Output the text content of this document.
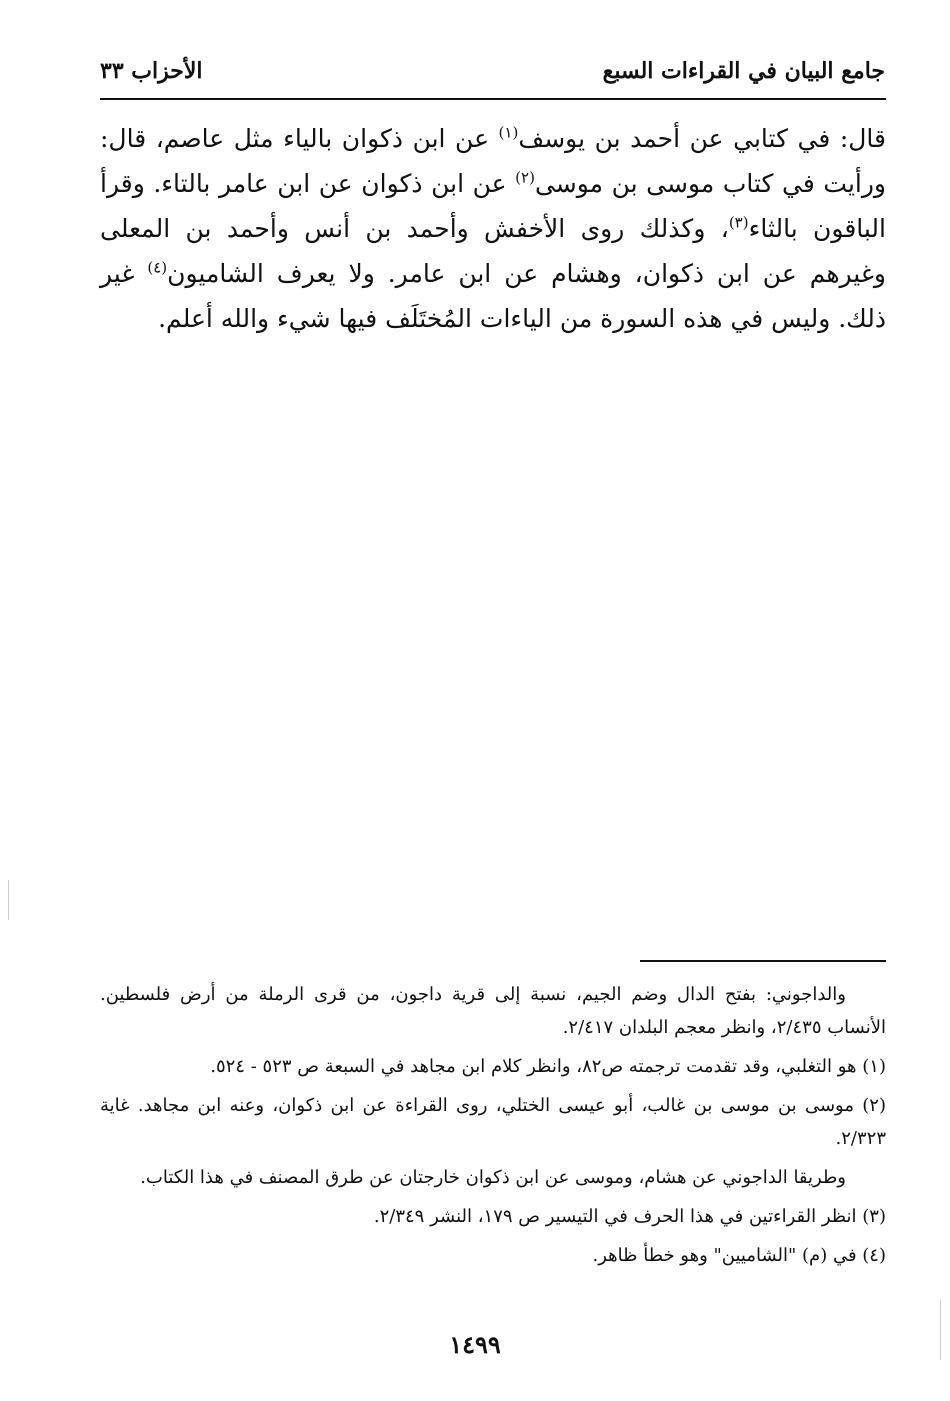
جامع البيان في القراءات السبع
الأحزاب ٣٣

قال: في كتابي عن أحمد بن يوسف$^{(١)}$ عن ابن ذكوان بالياء مثل عاصم، قال: ورأيت في كتاب موسى بن موسى$^{(٢)}$ عن ابن ذكوان عن ابن عامر بالتاء. وقرأ الباقون بالثاء$^{(٣)}$، وكذلك روى الأخفش وأحمد بن أنس وأحمد بن المعلى وغيرهم عن ابن ذكوان، وهشام عن ابن عامر. ولا يعرف الشاميون$^{(٤)}$ غير ذلك. وليس في هذه السورة من الياءات المُختَلَف فيها شيء والله أعلم.

والداجوني: بفتح الدال وضم الجيم، نسبة إلى قرية داجون، من قرى الرملة من أرض فلسطين. الأنساب ٢/٤٣٥، وانظر معجم البلدان ٢/٤١٧.

(١) هو التغلبي، وقد تقدمت ترجمته ص٨٢، وانظر كلام ابن مجاهد في السبعة ص ٥٢٣ - ٥٢٤.

(٢) موسى بن موسى بن غالب، أبو عيسى الختلي، روى القراءة عن ابن ذكوان، وعنه ابن مجاهد. غاية ٢/٣٢٣.

وطريقا الداجوني عن هشام، وموسى عن ابن ذكوان خارجتان عن طرق المصنف في هذا الكتاب.

(٣) انظر القراءتين في هذا الحرف في التيسير ص ١٧٩، النشر ٢/٣٤٩.

(٤) في (م) "الشاميين" وهو خطأ ظاهر.

١٤٩٩
